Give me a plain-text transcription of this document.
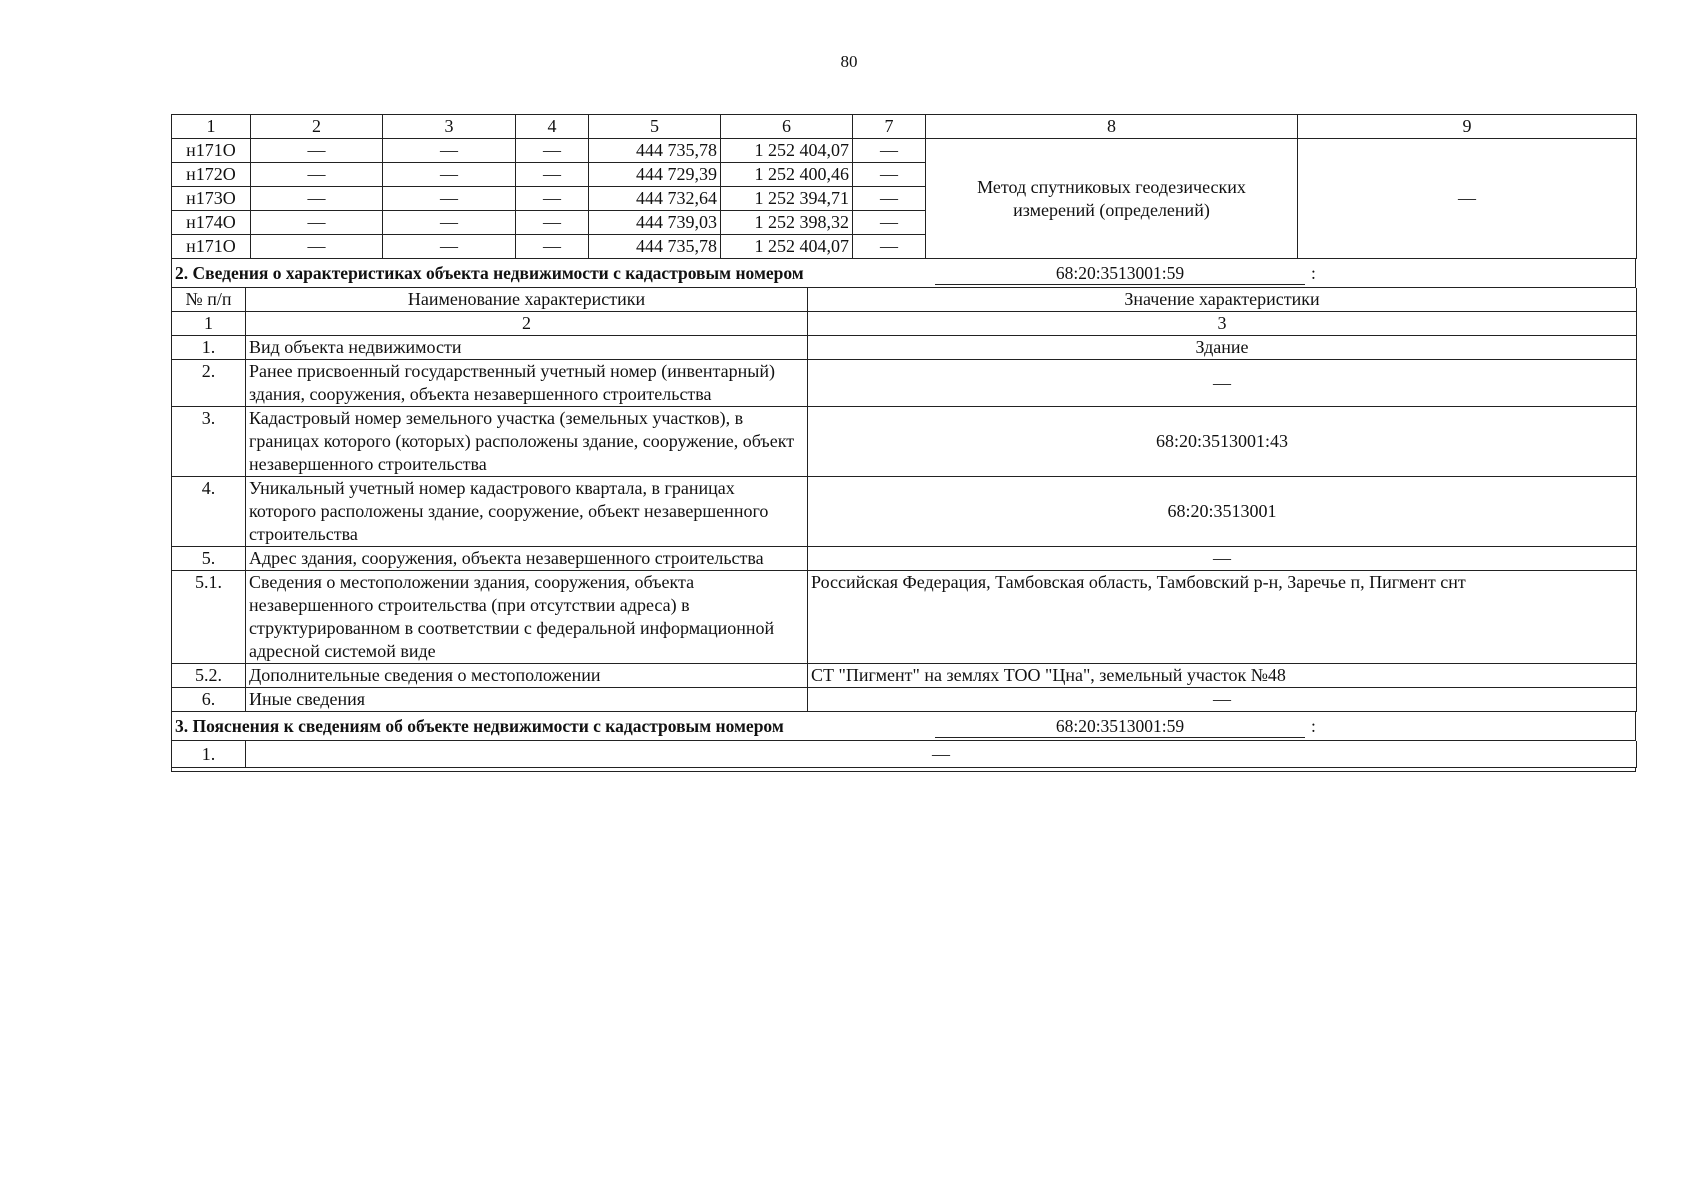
80
1	2	3	4	5	6	7	8	9
н171О	—	—	—	444 735,78	1 252 404,07	—	Метод спутниковых геодезических измерений (определений)	—
н172О	—	—	—	444 729,39	1 252 400,46	—		
н173О	—	—	—	444 732,64	1 252 394,71	—		
н174О	—	—	—	444 739,03	1 252 398,32	—		
н171О	—	—	—	444 735,78	1 252 404,07	—		
2. Сведения о характеристиках объекта недвижимости с кадастровым номером	68:20:3513001:59	:
№ п/п	Наименование характеристики	Значение характеристики
1	2	3
1.	Вид объекта недвижимости	Здание
2.	Ранее присвоенный государственный учетный номер (инвентарный) здания, сооружения, объекта незавершенного строительства	—
3.	Кадастровый номер земельного участка (земельных участков), в границах которого (которых) расположены здание, сооружение, объект незавершенного строительства	68:20:3513001:43
4.	Уникальный учетный номер кадастрового квартала, в границах которого расположены здание, сооружение, объект незавершенного строительства	68:20:3513001
5.	Адрес здания, сооружения, объекта незавершенного строительства	—
5.1.	Сведения о местоположении здания, сооружения, объекта незавершенного строительства (при отсутствии адреса) в структурированном в соответствии с федеральной информационной адресной системой виде	Российская Федерация, Тамбовская область, Тамбовский р-н, Заречье п, Пигмент снт
5.2.	Дополнительные сведения о местоположении	СТ "Пигмент" на землях ТОО "Цна", земельный участок №48
6.	Иные сведения	—
3. Пояснения к сведениям об объекте недвижимости с кадастровым номером	68:20:3513001:59	:
1.	—
